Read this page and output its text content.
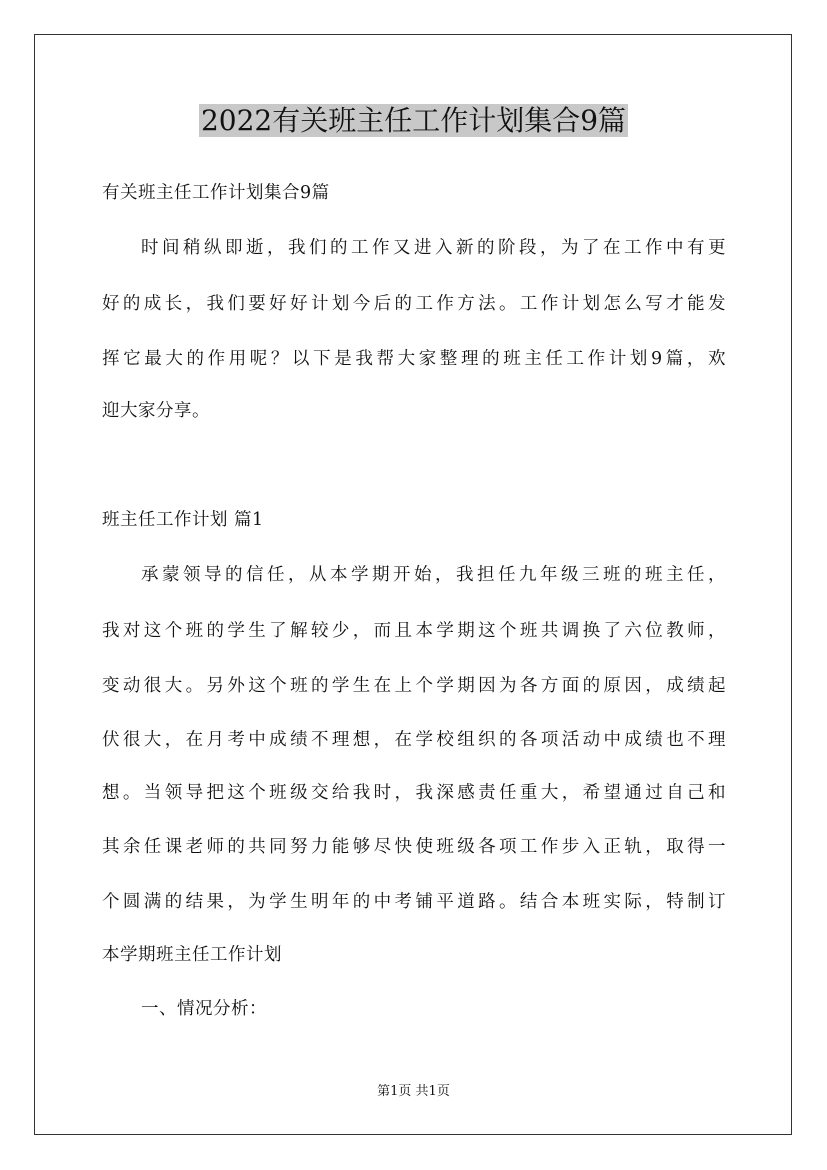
2022有关班主任工作计划集合9篇
有关班主任工作计划集合9篇
时间稍纵即逝，我们的工作又进入新的阶段，为了在工作中有更
好的成长，我们要好好计划今后的工作方法。工作计划怎么写才能发
挥它最大的作用呢？以下是我帮大家整理的班主任工作计划9篇，欢
迎大家分享。
班主任工作计划 篇1
承蒙领导的信任，从本学期开始，我担任九年级三班的班主任，
我对这个班的学生了解较少，而且本学期这个班共调换了六位教师，
变动很大。另外这个班的学生在上个学期因为各方面的原因，成绩起
伏很大，在月考中成绩不理想，在学校组织的各项活动中成绩也不理
想。当领导把这个班级交给我时，我深感责任重大，希望通过自己和
其余任课老师的共同努力能够尽快使班级各项工作步入正轨，取得一
个圆满的结果，为学生明年的中考铺平道路。结合本班实际，特制订
本学期班主任工作计划
一、情况分析：
第1页 共1页
